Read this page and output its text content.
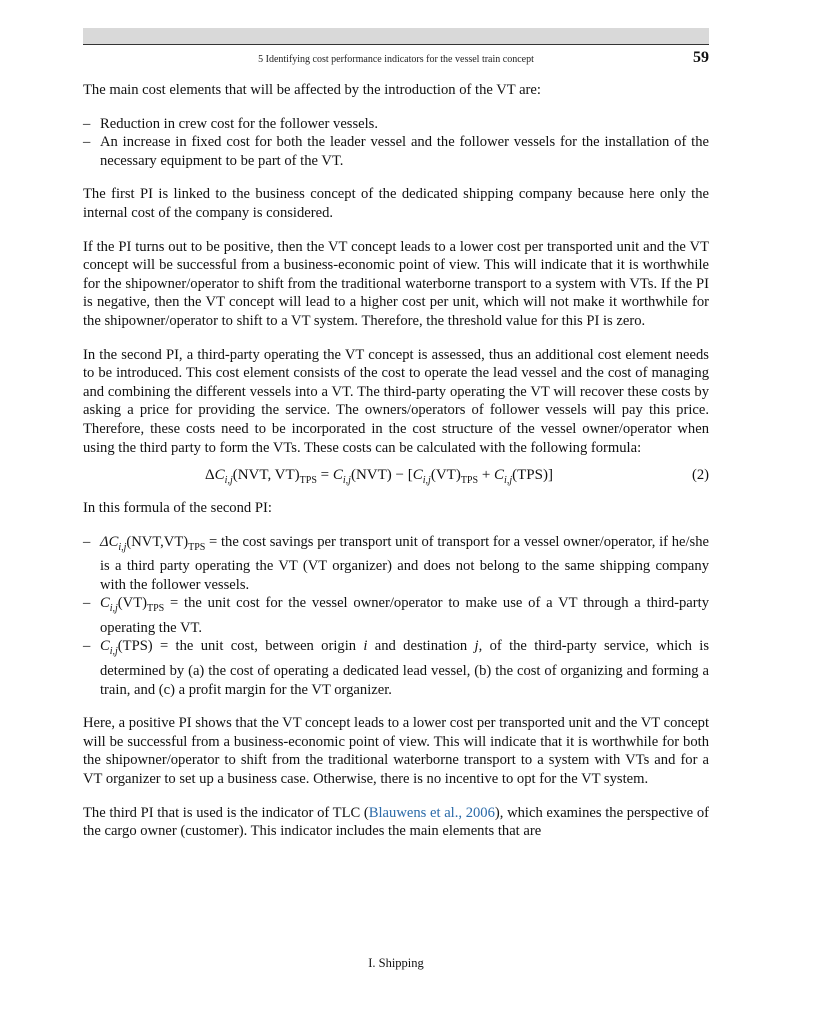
5 Identifying cost performance indicators for the vessel train concept	59

The main cost elements that will be affected by the introduction of the VT are:

– Reduction in crew cost for the follower vessels.
– An increase in fixed cost for both the leader vessel and the follower vessels for the installation of the necessary equipment to be part of the VT.

The first PI is linked to the business concept of the dedicated shipping company because here only the internal cost of the company is considered.

If the PI turns out to be positive, then the VT concept leads to a lower cost per transported unit and the VT concept will be successful from a business-economic point of view. This will indicate that it is worthwhile for the shipowner/operator to shift from the traditional waterborne transport to a system with VTs. If the PI is negative, then the VT concept will lead to a higher cost per unit, which will not make it worthwhile for the shipowner/operator to shift to a VT system. Therefore, the threshold value for this PI is zero.

In the second PI, a third-party operating the VT concept is assessed, thus an additional cost element needs to be introduced. This cost element consists of the cost to operate the lead vessel and the cost of managing and combining the different vessels into a VT. The third-party operating the VT will recover these costs by asking a price for providing the service. The owners/operators of follower vessels will pay this price. Therefore, these costs need to be incorporated in the cost structure of the vessel owner/operator when using the third party to form the VTs. These costs can be calculated with the following formula:

$\Delta C_{i,j}(NVT$, $VT)_{TPS} = C_{i,j}(NVT) - [C_{i,j}(VT)_{TPS} + C_{i,j}(TPS)]$	(2)

In this formula of the second PI:

– $\Delta C_{i,j}(NVT,VT)_{TPS}$ = the cost savings per transport unit of transport for a vessel owner/operator, if he/she is a third party operating the VT (VT organizer) and does not belong to the same shipping company with the follower vessels.
– $C_{i,j}(VT)_{TPS}$ = the unit cost for the vessel owner/operator to make use of a VT through a third-party operating the VT.
– $C_{i,j}(TPS)$ = the unit cost, between origin i and destination j, of the third-party service, which is determined by (a) the cost of operating a dedicated lead vessel, (b) the cost of organizing and forming a train, and (c) a profit margin for the VT organizer.

Here, a positive PI shows that the VT concept leads to a lower cost per transported unit and the VT concept will be successful from a business-economic point of view. This will indicate that it is worthwhile for both the shipowner/operator to shift from the traditional waterborne transport to a system with VTs and for a VT organizer to set up a business case. Otherwise, there is no incentive to opt for the VT system.

The third PI that is used is the indicator of TLC (Blauwens et al., 2006), which examines the perspective of the cargo owner (customer). This indicator includes the main elements that are

I. Shipping
